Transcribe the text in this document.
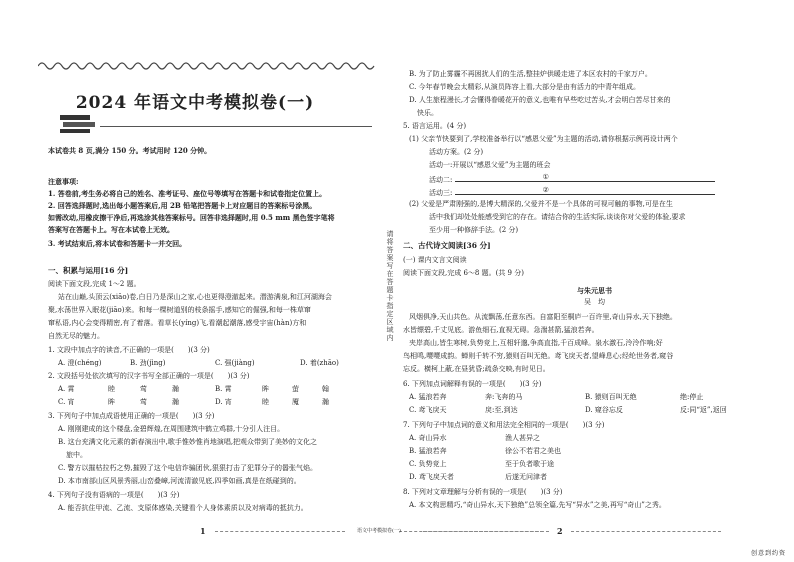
2024 年语文中考模拟卷(一)
本试卷共 8 页,满分 150 分。考试用时 120 分钟。
注意事项:
1. 答卷前,考生务必将自己的姓名、准考证号、座位号等填写在答题卡和试卷指定位置上。
2. 回答选择题时,选出每小题答案后,用 2B 铅笔把答题卡上对应题目的答案标号涂黑。
如需改动,用橡皮擦干净后,再选涂其他答案标号。回答非选择题时,用 0.5 mm 黑色签字笔将
答案写在答题卡上。写在本试卷上无效。
3. 考试结束后,将本试卷和答题卡一并交回。
一、积累与运用[16 分]
阅读下面文段,完成 1～2 题。
站在山巅,头顶云(xiāo)卷,白日乃是深山之家,心也更得澄澈起来。潜游满泉,和江河湖海会
聚,水荡世界入眠花(jiāo)来。和每一棵树道别的枝条摇手,感知它的倔强,和每一株草窜
窜私语,内心会变得精密,有了着落。看草长(yíng)飞,看潮起潮落,感受宇宙(hàn)方和
自然无尽的魅力。
1. 文段中加点字的读音,不正确的一项是(　　)(3 分)
A. 澄(chéng)	B. 劲(jìng)	C. 强(jiàng)	D. 着(zhāo)
2. 文段括号处依次填写的汉字书写全部正确的一项是(　　)(3 分)
A. 霄	睦	莺	瀚	B. 霄	眸	萤	翰
C. 宵	眸	莺	瀚	D. 宵	睦	魇	瀚
3. 下列句子中加点成语使用正确的一项是(　　)(3 分)
A. 刚刚建成的这个楼盘,金碧辉煌,在周围建筑中鹤立鸡群,十分引人注目。
B. 这台充满文化元素的新春演出中,歌手惟妙惟肖地演唱,把观众带到了美妙的文化之
旅中。
C. 警方以摧枯拉朽之势,摧毁了这个电信诈骗团伙,狠狠打击了犯罪分子的嚣张气焰。
D. 本市南部山区风景秀丽,山峦叠嶂,河流清澈见底,四季如画,真是在纸碰到的。
4. 下列句子没有语病的一项是(　　)(3 分)
A. 能否抗住甲流、乙流、支原体感染,关键看个人身体素质以及对病毒的抵抗力。
1
请将答案写在答题卡指定区域内
B. 为了防止雾霾不再困扰人们的生活,整挂炉供暖走进了本区农村的千家万户。
C. 今年春节晚会太精彩,从演员阵容上看,大部分是由有活力的中青年组成。
D. 人生旅程漫长,才会懂得眷暖花开的意义,也唯有早些吃过苦头,才会明白苦尽甘来的
快乐。
5. 语言运用。(4 分)
(1) 父亲节快要到了,学校准备举行以“感恩父爱”为主题的活动,请你根据示例再设计两个
活动方案。(2 分)
活动一:开展以“感恩父爱”为主题的班会
活动二:	①
活动三:	②
(2) 父爱是严肃刚强的,是博大精深的,父爱并不是一个具体的可视可触的事物,可是在生
活中我们却处处能感受到它的存在。请结合你的生活实际,谈谈你对父爱的体验,要求
至少用一种修辞手法。(2 分)
二、古代诗文阅读[36 分]
(一) 课内文言文阅读
阅读下面文段,完成 6～8 题。(共 9 分)
与朱元思书
吴　均
风烟俱净,天山共色。从流飘荡,任意东西。自富阳至桐庐一百许里,奇山异水,天下独绝。
水皆缥碧,千丈见底。游鱼细石,直视无碍。急湍甚箭,猛浪若奔。
夹岸高山,皆生寒树,负势竞上,互相轩邈,争高直指,千百成峰。泉水激石,泠泠作响;好
鸟相鸣,嘤嘤成韵。蝉则千转不穷,猿则百叫无绝。鸢飞戾天者,望峰息心;经纶世务者,窥谷
忘反。横柯上蔽,在昼犹昏;疏条交映,有时见日。
6. 下列加点词解释有误的一项是(　　)(3 分)
A. 猛浪若奔	奔:飞奔的马	B. 猿则百叫无绝	绝:停止
C. 鸢飞戾天	戾:至,到达	D. 窥谷忘反	反:同“返”,返回
7. 下列句子中加点词的意义和用法完全相同的一项是(　　)(3 分)
A. 奇山异水	渔人甚异之
B. 猛浪若奔	徐公不若君之美也
C. 负势竞上	至于负者歌于途
D. 鸢飞戾天者	后遂无问津者
8. 下列对文章理解与分析有误的一项是(　　)(3 分)
A. 本文构思精巧,“奇山异水,天下独绝”总领全篇,先写“异水”之美,再写“奇山”之秀。
语文中考模拟卷(一)	2
创意到约资
